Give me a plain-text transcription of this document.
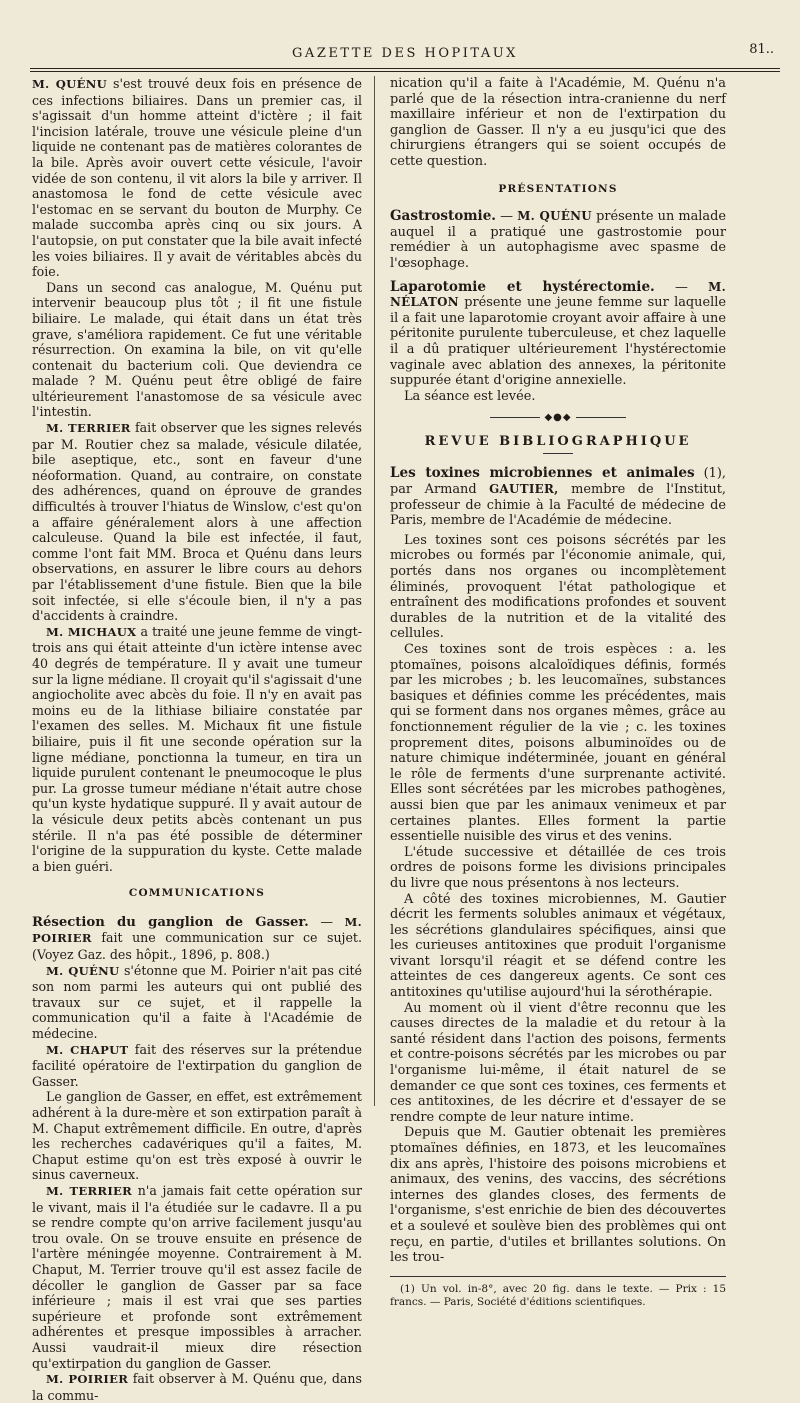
GAZETTE DES HOPITAUX	81..

M. QUÉNU s'est trouvé deux fois en présence de ces infections biliaires. Dans un premier cas, il s'agissait d'un homme atteint d'ictère ; il fait l'incision latérale, trouve une vésicule pleine d'un liquide ne contenant pas de matières colorantes de la bile. Après avoir ouvert cette vésicule, l'avoir vidée de son contenu, il vit alors la bile y arriver. Il anastomosa le fond de cette vésicule avec l'estomac en se servant du bouton de Murphy. Ce malade succomba après cinq ou six jours. A l'autopsie, on put constater que la bile avait infecté les voies biliaires. Il y avait de véritables abcès du foie.

Dans un second cas analogue, M. Quénu put intervenir beaucoup plus tôt ; il fit une fistule biliaire. Le malade, qui était dans un état très grave, s'améliora rapidement. Ce fut une véritable résurrection. On examina la bile, on vit qu'elle contenait du bacterium coli. Que deviendra ce malade ? M. Quénu peut être obligé de faire ultérieurement l'anastomose de sa vésicule avec l'intestin.

M. TERRIER fait observer que les signes relevés par M. Routier chez sa malade, vésicule dilatée, bile aseptique, etc., sont en faveur d'une néoformation. Quand, au contraire, on constate des adhérences, quand on éprouve de grandes difficultés à trouver l'hiatus de Winslow, c'est qu'on a affaire généralement alors à une affection calculeuse. Quand la bile est infectée, il faut, comme l'ont fait MM. Broca et Quénu dans leurs observations, en assurer le libre cours au dehors par l'établissement d'une fistule. Bien que la bile soit infectée, si elle s'écoule bien, il n'y a pas d'accidents à craindre.

M. MICHAUX a traité une jeune femme de vingt-trois ans qui était atteinte d'un ictère intense avec 40 degrés de température. Il y avait une tumeur sur la ligne médiane. Il croyait qu'il s'agissait d'une angiocholite avec abcès du foie. Il n'y en avait pas moins eu de la lithiase biliaire constatée par l'examen des selles. M. Michaux fit une fistule biliaire, puis il fit une seconde opération sur la ligne médiane, ponctionna la tumeur, en tira un liquide purulent contenant le pneumocoque le plus pur. La grosse tumeur médiane n'était autre chose qu'un kyste hydatique suppuré. Il y avait autour de la vésicule deux petits abcès contenant un pus stérile. Il n'a pas été possible de déterminer l'origine de la suppuration du kyste. Cette malade a bien guéri.

COMMUNICATIONS

Résection du ganglion de Gasser. — M. POIRIER fait une communication sur ce sujet. (Voyez Gaz. des hôpit., 1896, p. 808.)

M. QUÉNU s'étonne que M. Poirier n'ait pas cité son nom parmi les auteurs qui ont publié des travaux sur ce sujet, et il rappelle la communication qu'il a faite à l'Académie de médecine.

M. CHAPUT fait des réserves sur la prétendue facilité opératoire de l'extirpation du ganglion de Gasser.

Le ganglion de Gasser, en effet, est extrêmement adhérent à la dure-mère et son extirpation paraît à M. Chaput extrêmement difficile. En outre, d'après les recherches cadavériques qu'il a faites, M. Chaput estime qu'on est très exposé à ouvrir le sinus caverneux.

M. TERRIER n'a jamais fait cette opération sur le vivant, mais il l'a étudiée sur le cadavre. Il a pu se rendre compte qu'on arrive facilement jusqu'au trou ovale. On se trouve ensuite en présence de l'artère méningée moyenne. Contrairement à M. Chaput, M. Terrier trouve qu'il est assez facile de décoller le ganglion de Gasser par sa face inférieure ; mais il est vrai que ses parties supérieure et profonde sont extrêmement adhérentes et presque impossibles à arracher. Aussi vaudrait-il mieux dire résection qu'extirpation du ganglion de Gasser.

M. POIRIER fait observer à M. Quénu que, dans la commu-

nication qu'il a faite à l'Académie, M. Quénu n'a parlé que de la résection intra-cranienne du nerf maxillaire inférieur et non de l'extirpation du ganglion de Gasser. Il n'y a eu jusqu'ici que des chirurgiens étrangers qui se soient occupés de cette question.

PRÉSENTATIONS

Gastrostomie. — M. QUÉNU présente un malade auquel il a pratiqué une gastrostomie pour remédier à un autophagisme avec spasme de l'œsophage.

Laparotomie et hystérectomie. — M. NÉLATON présente une jeune femme sur laquelle il a fait une laparotomie croyant avoir affaire à une péritonite purulente tuberculeuse, et chez laquelle il a dû pratiquer ultérieurement l'hystérectomie vaginale avec ablation des annexes, la péritonite suppurée étant d'origine annexielle.

La séance est levée.

◆●◆
REVUE BIBLIOGRAPHIQUE

Les toxines microbiennes et animales (1), par Armand GAUTIER, membre de l'Institut, professeur de chimie à la Faculté de médecine de Paris, membre de l'Académie de médecine.

Les toxines sont ces poisons sécrétés par les microbes ou formés par l'économie animale, qui, portés dans nos organes ou incomplètement éliminés, provoquent l'état pathologique et entraînent des modifications profondes et souvent durables de la nutrition et de la vitalité des cellules.

Ces toxines sont de trois espèces : a. les ptomaïnes, poisons alcaloïdiques définis, formés par les microbes ; b. les leucomaïnes, substances basiques et définies comme les précédentes, mais qui se forment dans nos organes mêmes, grâce au fonctionnement régulier de la vie ; c. les toxines proprement dites, poisons albuminoïdes ou de nature chimique indéterminée, jouant en général le rôle de ferments d'une surprenante activité. Elles sont sécrétées par les microbes pathogènes, aussi bien que par les animaux venimeux et par certaines plantes. Elles forment la partie essentielle nuisible des virus et des venins.

L'étude successive et détaillée de ces trois ordres de poisons forme les divisions principales du livre que nous présentons à nos lecteurs.

A côté des toxines microbiennes, M. Gautier décrit les ferments solubles animaux et végétaux, les sécrétions glandulaires spécifiques, ainsi que les curieuses antitoxines que produit l'organisme vivant lorsqu'il réagit et se défend contre les atteintes de ces dangereux agents. Ce sont ces antitoxines qu'utilise aujourd'hui la sérothérapie.

Au moment où il vient d'être reconnu que les causes directes de la maladie et du retour à la santé résident dans l'action des poisons, ferments et contre-poisons sécrétés par les microbes ou par l'organisme lui-même, il était naturel de se demander ce que sont ces toxines, ces ferments et ces antitoxines, de les décrire et d'essayer de se rendre compte de leur nature intime.

Depuis que M. Gautier obtenait les premières ptomaïnes définies, en 1873, et les leucomaïnes dix ans après, l'histoire des poisons microbiens et animaux, des venins, des vaccins, des sécrétions internes des glandes closes, des ferments de l'organisme, s'est enrichie de bien des découvertes et a soulevé et soulève bien des problèmes qui ont reçu, en partie, d'utiles et brillantes solutions. On les trou-

(1) Un vol. in-8°, avec 20 fig. dans le texte. — Prix : 15 francs. — Paris, Société d'éditions scientifiques.
